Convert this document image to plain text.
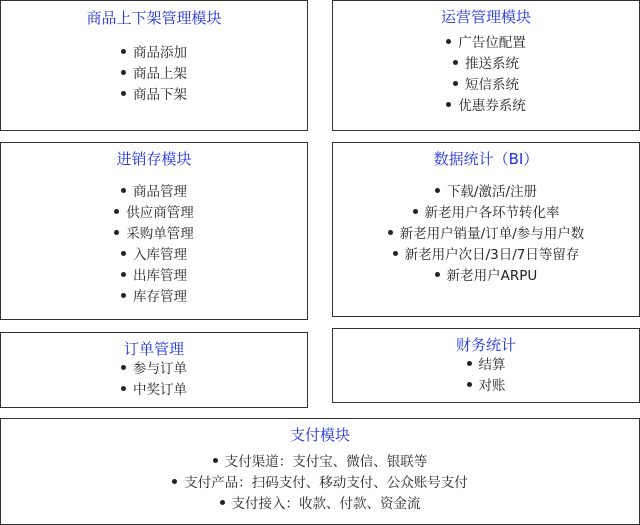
商品上下架管理模块
商品添加
商品上架
商品下架
运营管理模块
广告位配置
推送系统
短信系统
优惠券系统
进销存模块
商品管理
供应商管理
采购单管理
入库管理
出库管理
库存管理
数据统计（BI）
下载/激活/注册
新老用户各环节转化率
新老用户销量/订单/参与用户数
新老用户次日/3日/7日等留存
新老用户ARPU
订单管理
参与订单
中奖订单
财务统计
结算
对账
支付模块
支付渠道：支付宝、微信、银联等
支付产品：扫码支付、移动支付、公众账号支付
支付接入：收款、付款、资金流
